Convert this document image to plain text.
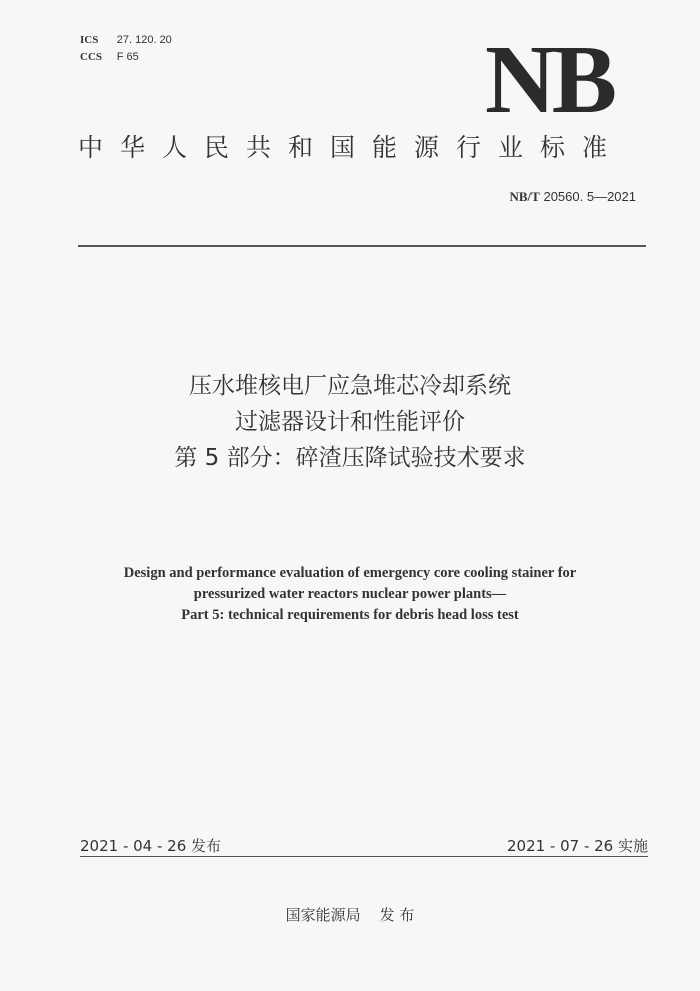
ICS 27. 120. 20
CCS F 65	NB
中华人民共和国能源行业标准
NB/T 20560. 5—2021
压水堆核电厂应急堆芯冷却系统
过滤器设计和性能评价
第 5 部分：碎渣压降试验技术要求
Design and performance evaluation of emergency core cooling stainer for
pressurized water reactors nuclear power plants—
Part 5: technical requirements for debris head loss test
2021 - 04 - 26 发布	2021 - 07 - 26 实施
国家能源局 发 布
